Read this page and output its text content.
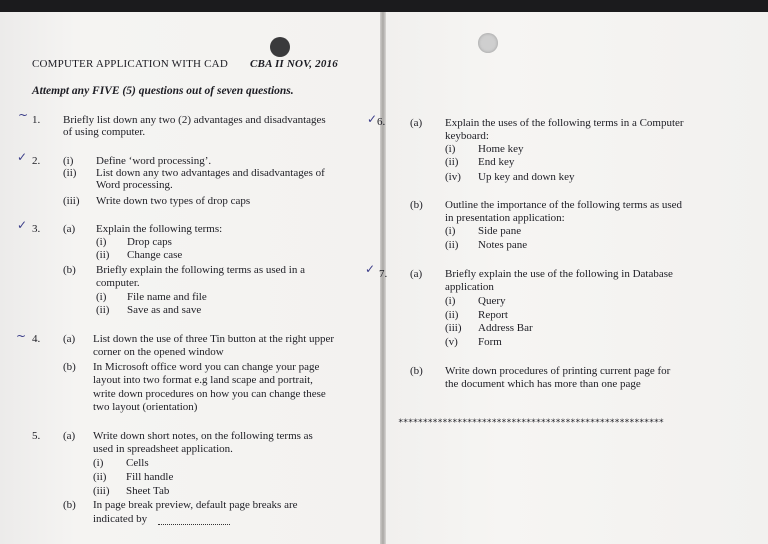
COMPUTER APPLICATION WITH CAD CBA II NOV, 2016
Attempt any FIVE (5) questions out of seven questions.
~ 1. Briefly list down any two (2) advantages and disadvantages
of using computer.
✓ 2. (i) Define ‘word processing’.
(ii) List down any two advantages and disadvantages of
Word processing.
(iii) Write down two types of drop caps
✓ 3. (a) Explain the following terms:
(i) Drop caps
(ii) Change case
(b) Briefly explain the following terms as used in a
computer.
(i) File name and file
(ii) Save as and save
~ 4. (a) List down the use of three Tin button at the right upper
corner on the opened window
(b) In Microsoft office word you can change your page
layout into two format e.g land scape and portrait,
write down procedures on how you can change these
two layout (orientation)
5. (a) Write down short notes, on the following terms as
used in spreadsheet application.
(i) Cells
(ii) Fill handle
(iii) Sheet Tab
(b) In page break preview, default page breaks are
indicated by
✓ 6. (a) Explain the uses of the following terms in a Computer
keyboard:
(i) Home key
(ii) End key
(iv) Up key and down key
(b) Outline the importance of the following terms as used
in presentation application:
(i) Side pane
(ii) Notes pane
✓ 7. (a) Briefly explain the use of the following in Database
application
(i) Query
(ii) Report
(iii) Address Bar
(v) Form
(b) Write down procedures of printing current page for
the document which has more than one page
******************************************************
